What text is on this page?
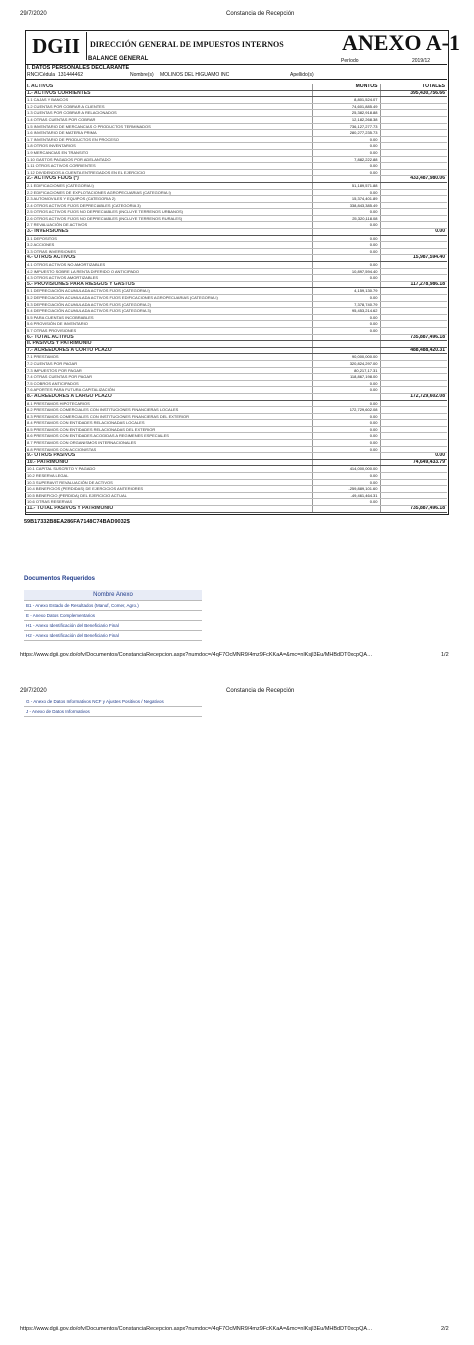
29/7/2020	Constancia de Recepción
DGII	DIRECCIÓN GENERAL DE IMPUESTOS INTERNOS	ANEXO A-1
BALANCE GENERAL	Período	2019/12
I. DATOS PERSONALES DECLARANTE
RNC/Cédula 131444462	Nombre(s) MOLINOS DEL HIGUAMO INC	Apellido(s)
I. ACTIVOS	MONTOS	TOTALES
1.- ACTIVOS CORRIENTES		395,430,756.66
1.1 CAJAS Y BANCOS	8,801,524.07	
1.2 CUENTAS POR COBRAR A CLIENTES	74,601,885.49	
1.3 CUENTAS POR COBRAR A RELACIONADOS	25,382,918.88	
1.4 OTRAS CUENTAS POR COBRAR	12,182,268.38	
1.5 INVENTARIO DE MERCANCIAS O PRODUCTOS TERMINADOS	736,127,277.73	
1.6 INVENTARIO DE MATERIA PRIMA	280,277,235.73	
1.7 INVENTARIO DE PRODUCTOS EN PROCESO	0.00	
1.8 OTROS INVENTARIOS	0.00	
1.9 MERCANCIAS EN TRANSITO	0.00	
1.10 GASTOS PAGADOS POR ADELANTADO	7,882,222.88	
1.11 OTROS ACTIVOS CORRIENTES	0.00	
1.12 DIVIDENDOS A CUENTA ENTREGADOS EN EL EJERCICIO	0.00	
2.- ACTIVOS FIJOS (*)		433,487,980.06
2.1 EDIFICACIONES (CATEGORIA I)	51,189,571.88	
2.2 EDIFICACIONES DE EXPLOTACIONES AGROPECUARIAS (CATEGORIA I)	0.00	
2.3 AUTOMOVILES Y EQUIPOS (CATEGORIA 2)	15,374,401.89	
2.4 OTROS ACTIVOS FIJOS DEPRECIABLES (CATEGORIA 3)	338,843,385.49	
2.5 OTROS ACTIVOS FIJOS NO DEPRECIABLES (INCLUYE TERRENOS URBANOS)	0.00	
2.6 OTROS ACTIVOS FIJOS NO DEPRECIABLES (INCLUYE TERRENOS RURALES)	25,320,118.08	
2.7 REVALUACIÓN DE ACTIVOS	0.00	
3.- INVERSIONES		0.00
3.1 DEPOSITOS	0.00	
3.2 ACCIONES	0.00	
3.3 OTRAS INVERSIONES	0.00	
4.- OTROS ACTIVOS		15,987,594.40
4.1 OTROS ACTIVOS NO AMORTIZABLES	0.00	
4.2 IMPUESTO SOBRE LA RENTA DIFERIDO O ANTICIPADO	10,897,594.40	
4.3 OTROS ACTIVOS AMORTIZABLES	0.00	
5.- PROVISIONES PARA RIESGOS Y GASTOS		117,278,986.18
5.1 DEPRECIACIÓN ACUMULADA ACTIVOS FIJOS (CATEGORIA I)	4,159,130.79	
5.2 DEPRECIACIÓN ACUMULADA ACTIVOS FIJOS EDIFICACIONES AGROPECUARIAS (CATEGORIA I)	0.00	
5.3 DEPRECIACIÓN ACUMULADA ACTIVOS FIJOS (CATEGORIA 2)	7,378,740.79	
5.4 DEPRECIACIÓN ACUMULADA ACTIVOS FIJOS (CATEGORIA 3)	95,453,214.62	
5.5 PARA CUENTAS INCOBRABLES	0.00	
5.6 PROVISIÓN DE INVENTARIO	0.00	
5.7 OTRAS PROVISIONES	0.00	
6.- TOTAL ACTIVOS		735,887,496.18
II. PASIVOS Y PATRIMONIO		
7.- ACREEDORES A CORTO PLAZO		488,488,420.31
7.1 PRESTAMOS	90,000,000.00	
7.2 CUENTAS POR PAGAR	320,824,297.00	
7.3 IMPUESTOS POR PAGAR	80,217,17.31	
7.4 OTRAS CUENTAS POR PAGAR	118,867,198.00	
7.5 COBROS ANTICIPADOS	0.00	
7.6 APORTES PARA FUTURA CAPITALIZACIÓN	0.00	
8.- ACREEDORES A LARGO PLAZO		172,729,602.08
8.1 PRESTAMOS HIPOTECARIOS	0.00	
8.2 PRESTAMOS COMERCIALES CON INSTITUCIONES FINANCIERAS LOCALES	172,729,602.08	
8.3 PRESTAMOS COMERCIALES CON INSTITUCIONES FINANCIERAS DEL EXTERIOR	0.00	
8.4 PRESTAMOS CON ENTIDADES RELACIONADAS LOCALES	0.00	
8.5 PRESTAMOS CON ENTIDADES RELACIONADAS DEL EXTERIOR	0.00	
8.6 PRESTAMOS CON ENTIDADES ACOGIDAS A REGIMENES ESPECIALES	0.00	
8.7 PRESTAMOS CON ORGANISMOS INTERNACIONALES	0.00	
8.8 PRESTAMOS CON ACCIONISTAS	0.00	
9.- OTROS PASIVOS		0.00
10.- PATRIMONIO		74,649,433.79
10.1 CAPITAL SUSCRITO Y PAGADO	414,000,000.00	
10.2 RESERVA LEGAL	0.00	
10.3 SUPERAVIT REVALUACIÓN DE ACTIVOS	0.00	
10.4 BENEFICIOS (PERDIDAS) DE EJERCICIOS ANTERIORES	-259,889,101.60	
10.5 BENEFICIO (PERDIDA) DEL EJERCICIO ACTUAL	-49,461,464.31	
10.6 OTRAS RESERVAS	0.00	
11.- TOTAL PASIVOS Y PATRIMONIO		735,887,496.18
59B17332B8EA286FA7148C74BAD9032$
Documentos Requeridos
Nombre Anexo
B1 - Anexo Estado de Resultados (Manuf, Comer, Agro.)
E - Anexo Datos Complementarios
H1 - Anexo Identificación del Beneficiario Final
H2 - Anexo Identificación del Beneficiario Final
https://www.dgii.gov.do/ofv/Documentos/ConstanciaRecepcion.aspx?numdoc=/4qF7OcMNR9/4mz9FcKKaA=&mc=nlKsjl3Eu/MHBdDT0xcpQA…	1/2
29/7/2020	Constancia de Recepción
G - Anexo de Datos Informativos NCF y Ajustes Positivos / Negativos
J - Anexo de Datos Informativos
https://www.dgii.gov.do/ofv/Documentos/ConstanciaRecepcion.aspx?numdoc=/4qF7OcMNR9/4mz9FcKKaA=&mc=nlKsjl3Eu/MHBdDT0xcpQA…	2/2
